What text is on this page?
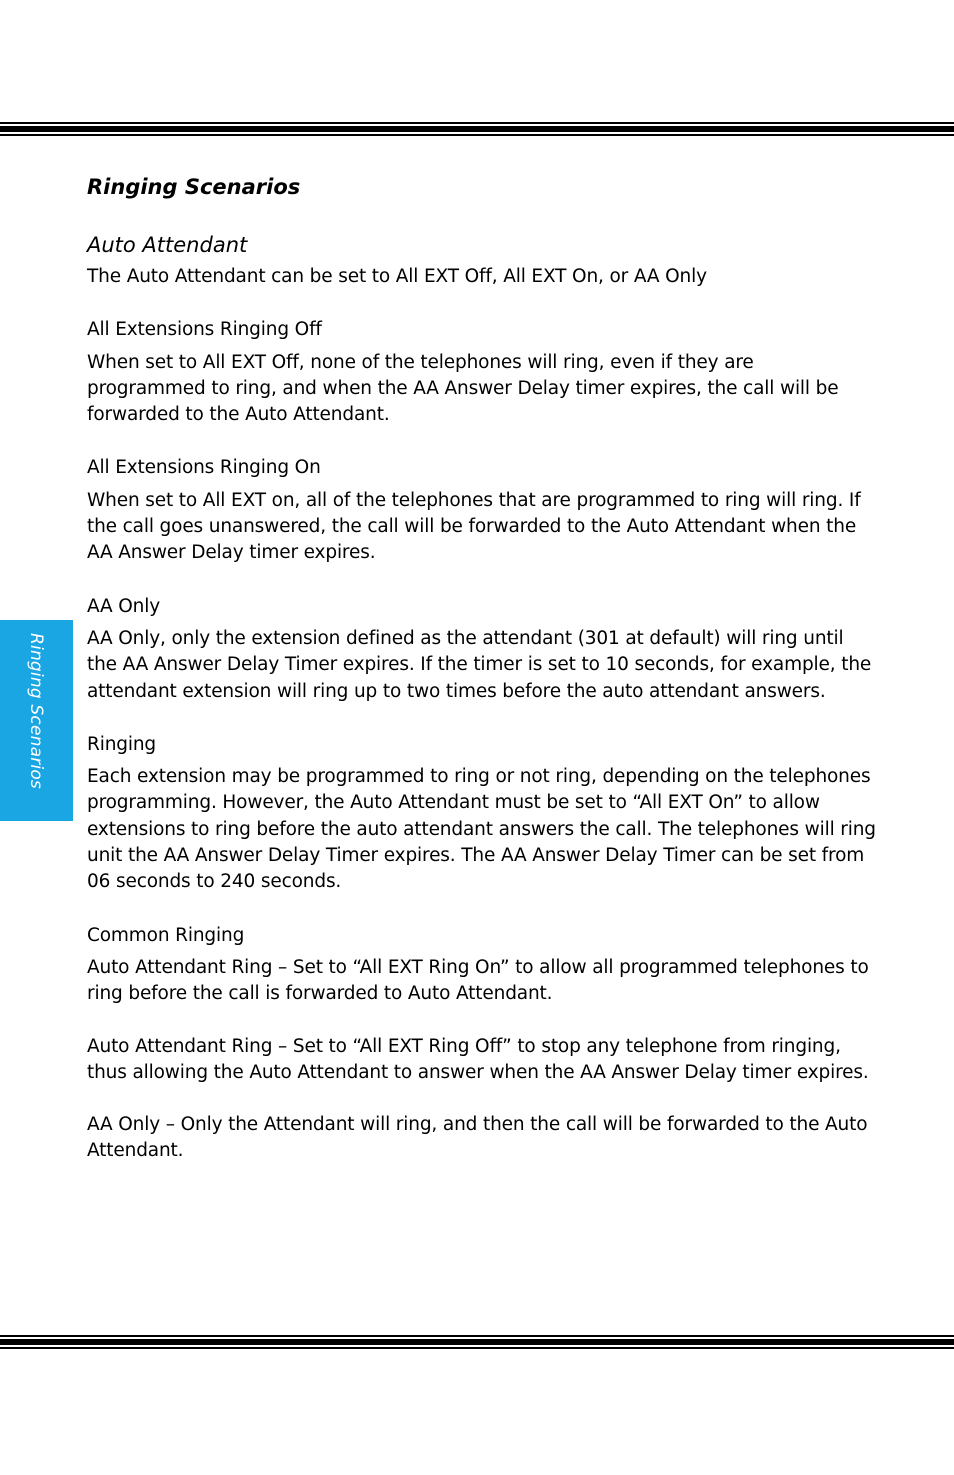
Ringing Scenarios
Ringing Scenarios
Auto Attendant

The Auto Attendant can be set to All EXT Off, All EXT On, or AA Only

All Extensions Ringing Off

When set to All EXT Off, none of the telephones will ring, even if they are programmed to ring, and when the AA Answer Delay timer expires, the call will be forwarded to the Auto Attendant.

All Extensions Ringing On

When set to All EXT on, all of the telephones that are programmed to ring will ring. If the call goes unanswered, the call will be forwarded to the Auto Attendant when the AA Answer Delay timer expires.

AA Only

AA Only, only the extension defined as the attendant (301 at default) will ring until the AA Answer Delay Timer expires. If the timer is set to 10 seconds, for example, the attendant extension will ring up to two times before the auto attendant answers.

Ringing

Each extension may be programmed to ring or not ring, depending on the telephones programming. However, the Auto Attendant must be set to “All EXT On” to allow extensions to ring before the auto attendant answers the call. The telephones will ring unit the AA Answer Delay Timer expires. The AA Answer Delay Timer can be set from 06 seconds to 240 seconds.

Common Ringing

Auto Attendant Ring – Set to “All EXT Ring On” to allow all programmed telephones to ring before the call is forwarded to Auto Attendant.

Auto Attendant Ring – Set to “All EXT Ring Off” to stop any telephone from ringing, thus allowing the Auto Attendant to answer when the AA Answer Delay timer expires.

AA Only – Only the Attendant will ring, and then the call will be forwarded to the Auto Attendant.
